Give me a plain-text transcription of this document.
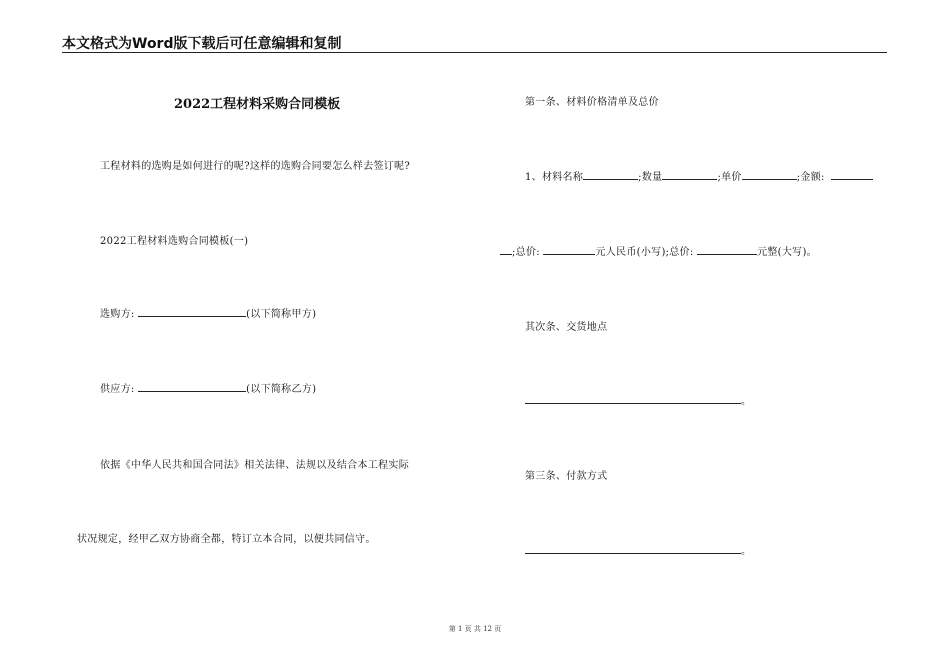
本文格式为Word版下载后可任意编辑和复制
2022工程材料采购合同模板
工程材料的选购是如何进行的呢?这样的选购合同要怎么样去签订呢?
2022工程材料选购合同模板(一)
选购方:	(以下简称甲方)
供应方:	(以下简称乙方)
依据《中华人民共和国合同法》相关法律、法规以及结合本工程实际
状况规定，经甲乙双方协商全都，特订立本合同，以便共同信守。
第一条、材料价格清单及总价
1、材料名称	;数量	;单价	;金额:
;总价:	元人民币(小写);总价:	元整(大写)。
其次条、交货地点
。
第三条、付款方式
。
第 1 页 共 12 页
